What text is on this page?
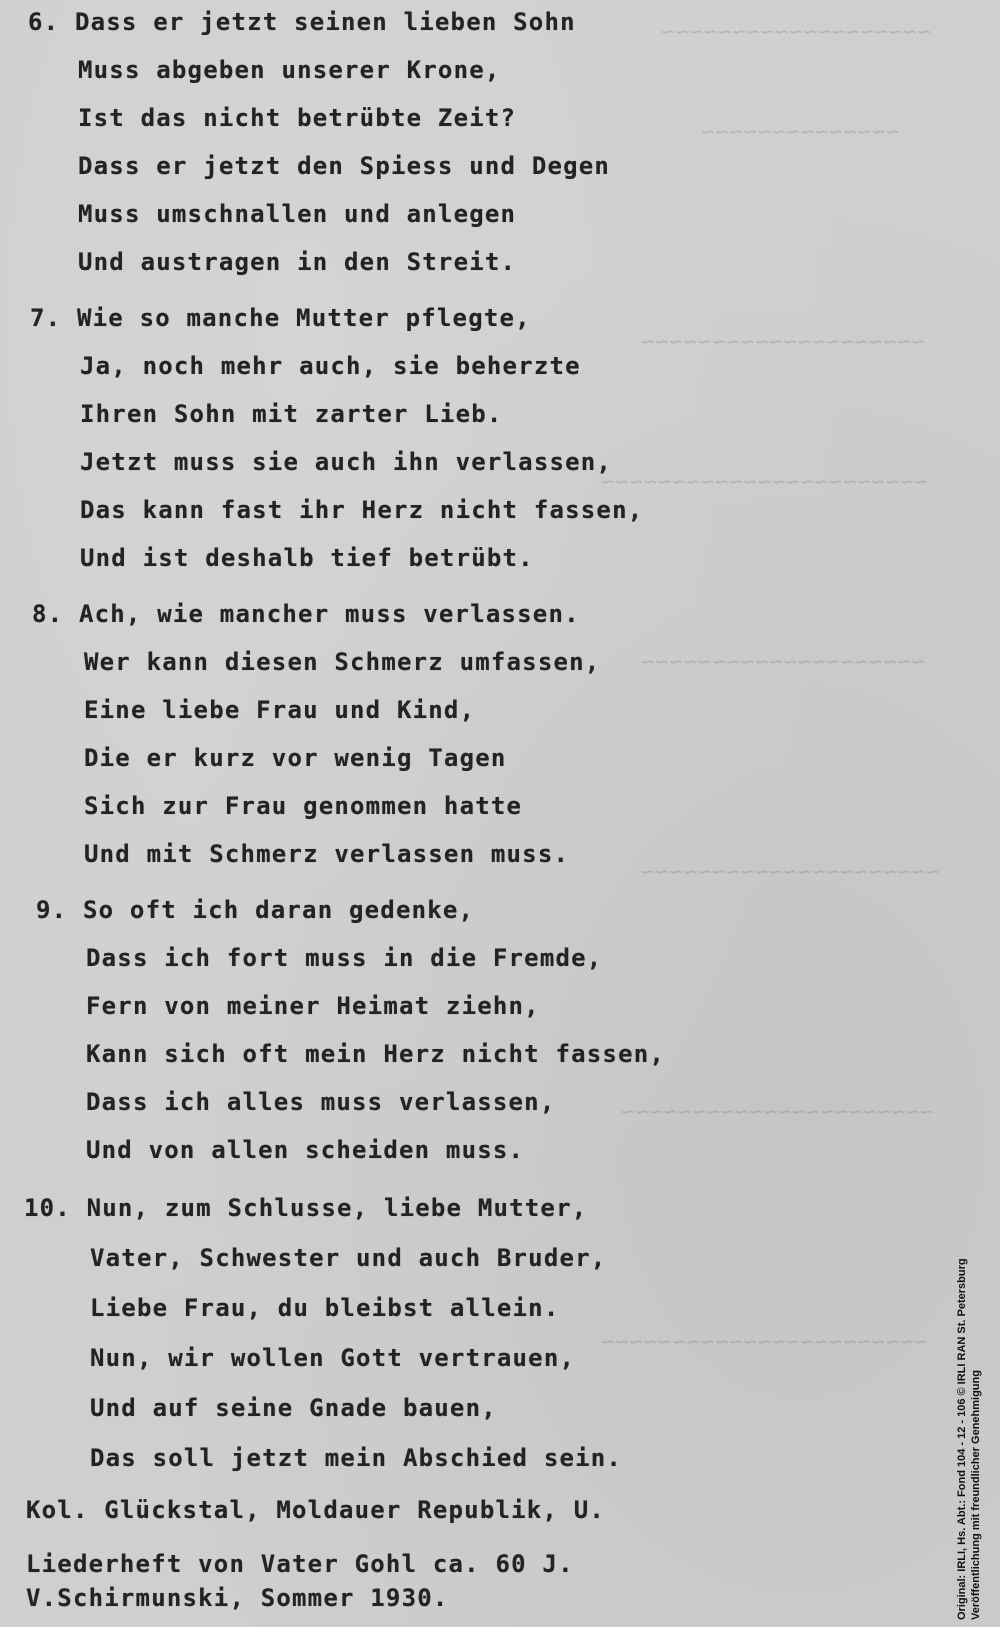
~~~~~~~~~~~~~~~~~~~
~~~~~~~~~~~~~~
~~~~~~~~~~~~~~~~~~~~
~~~~~~~~~~~~~~~~~~~~~~~
~~~~~~~~~~~~~~~~~~~~
~~~~~~~~~~~~~~~~~~~~~
~~~~~~~~~~~~~~~~~~~~~~
~~~~~~~~~~~~~~~~~~~~~~~
6. Dass er jetzt seinen lieben Sohn
Muss abgeben unserer Krone,
Ist das nicht betrübte Zeit?
Dass er jetzt den Spiess und Degen
Muss umschnallen und anlegen
Und austragen in den Streit.
7. Wie so manche Mutter pflegte,
Ja, noch mehr auch, sie beherzte
Ihren Sohn mit zarter Lieb.
Jetzt muss sie auch ihn verlassen,
Das kann fast ihr Herz nicht fassen,
Und ist deshalb tief betrübt.
8. Ach, wie mancher muss verlassen.
Wer kann diesen Schmerz umfassen,
Eine liebe Frau und Kind,
Die er kurz vor wenig Tagen
Sich zur Frau genommen hatte
Und mit Schmerz verlassen muss.
9. So oft ich daran gedenke,
Dass ich fort muss in die Fremde,
Fern von meiner Heimat ziehn,
Kann sich oft mein Herz nicht fassen,
Dass ich alles muss verlassen,
Und von allen scheiden muss.
10. Nun, zum Schlusse, liebe Mutter,
Vater, Schwester und auch Bruder,
Liebe Frau, du bleibst allein.
Nun, wir wollen Gott vertrauen,
Und auf seine Gnade bauen,
Das soll jetzt mein Abschied sein.
Kol. Glückstal, Moldauer Republik, U.
Liederheft von Vater Gohl ca. 60 J.
V.Schirmunski, Sommer 1930.	Original: IRLI, Hs. Abt.: Fond 104 - 12 - 106 © IRLI RAN St. Petersburg Veröffentlichung mit freundlicher Genehmigung
